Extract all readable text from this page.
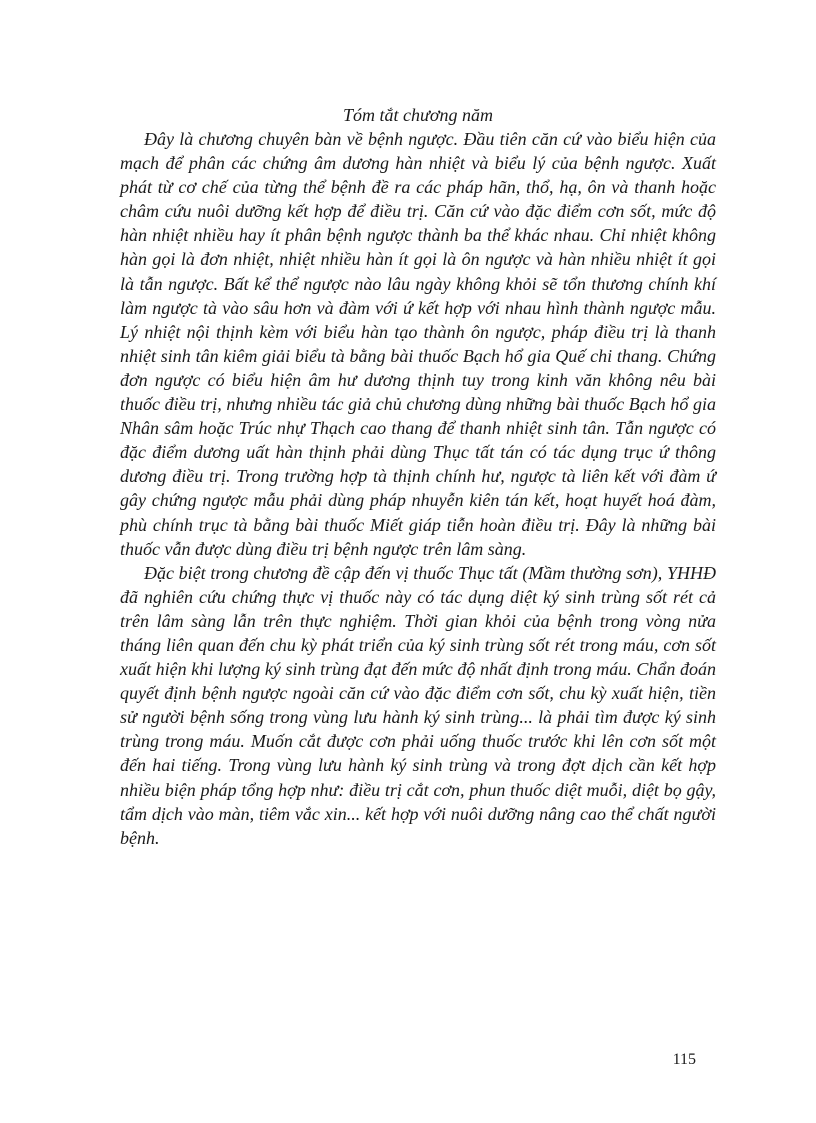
Tóm tắt chương năm

Đây là chương chuyên bàn về bệnh ngược. Đầu tiên căn cứ vào biểu hiện của mạch để phân các chứng âm dương hàn nhiệt và biểu lý của bệnh ngược. Xuất phát từ cơ chế của từng thể bệnh đề ra các pháp hãn, thổ, hạ, ôn và thanh hoặc châm cứu nuôi dưỡng kết hợp để điều trị. Căn cứ vào đặc điểm cơn sốt, mức độ hàn nhiệt nhiều hay ít phân bệnh ngược thành ba thể khác nhau. Chỉ nhiệt không hàn gọi là đơn nhiệt, nhiệt nhiều hàn ít gọi là ôn ngược và hàn nhiều nhiệt ít gọi là tẫn ngược. Bất kể thể ngược nào lâu ngày không khỏi sẽ tổn thương chính khí làm ngược tà vào sâu hơn và đàm với ứ kết hợp với nhau hình thành ngược mẫu. Lý nhiệt nội thịnh kèm với biểu hàn tạo thành ôn ngược, pháp điều trị là thanh nhiệt sinh tân kiêm giải biểu tà bằng bài thuốc Bạch hổ gia Quế chi thang. Chứng đơn ngược có biểu hiện âm hư dương thịnh tuy trong kinh văn không nêu bài thuốc điều trị, nhưng nhiều tác giả chủ chương dùng những bài thuốc Bạch hổ gia Nhân sâm hoặc Trúc nhự Thạch cao thang để thanh nhiệt sinh tân. Tẫn ngược có đặc điểm dương uất hàn thịnh phải dùng Thục tất tán có tác dụng trục ứ thông dương điều trị. Trong trường hợp tà thịnh chính hư, ngược tà liên kết với đàm ứ gây chứng ngược mẫu phải dùng pháp nhuyễn kiên tán kết, hoạt huyết hoá đàm, phù chính trục tà bằng bài thuốc Miết giáp tiễn hoàn điều trị. Đây là những bài thuốc vẫn được dùng điều trị bệnh ngược trên lâm sàng.

Đặc biệt trong chương đề cập đến vị thuốc Thục tất (Mầm thường sơn), YHHĐ đã nghiên cứu chứng thực vị thuốc này có tác dụng diệt ký sinh trùng sốt rét cả trên lâm sàng lẫn trên thực nghiệm. Thời gian khỏi của bệnh trong vòng nửa tháng liên quan đến chu kỳ phát triển của ký sinh trùng sốt rét trong máu, cơn sốt xuất hiện khi lượng ký sinh trùng đạt đến mức độ nhất định trong máu. Chẩn đoán quyết định bệnh ngược ngoài căn cứ vào đặc điểm cơn sốt, chu kỳ xuất hiện, tiền sử người bệnh sống trong vùng lưu hành ký sinh trùng... là phải tìm được ký sinh trùng trong máu. Muốn cắt được cơn phải uống thuốc trước khi lên cơn sốt một đến hai tiếng. Trong vùng lưu hành ký sinh trùng và trong đợt dịch cần kết hợp nhiều biện pháp tổng hợp như: điều trị cắt cơn, phun thuốc diệt muỗi, diệt bọ gậy, tẩm dịch vào màn, tiêm vắc xin... kết hợp với nuôi dưỡng nâng cao thể chất người bệnh.

115
